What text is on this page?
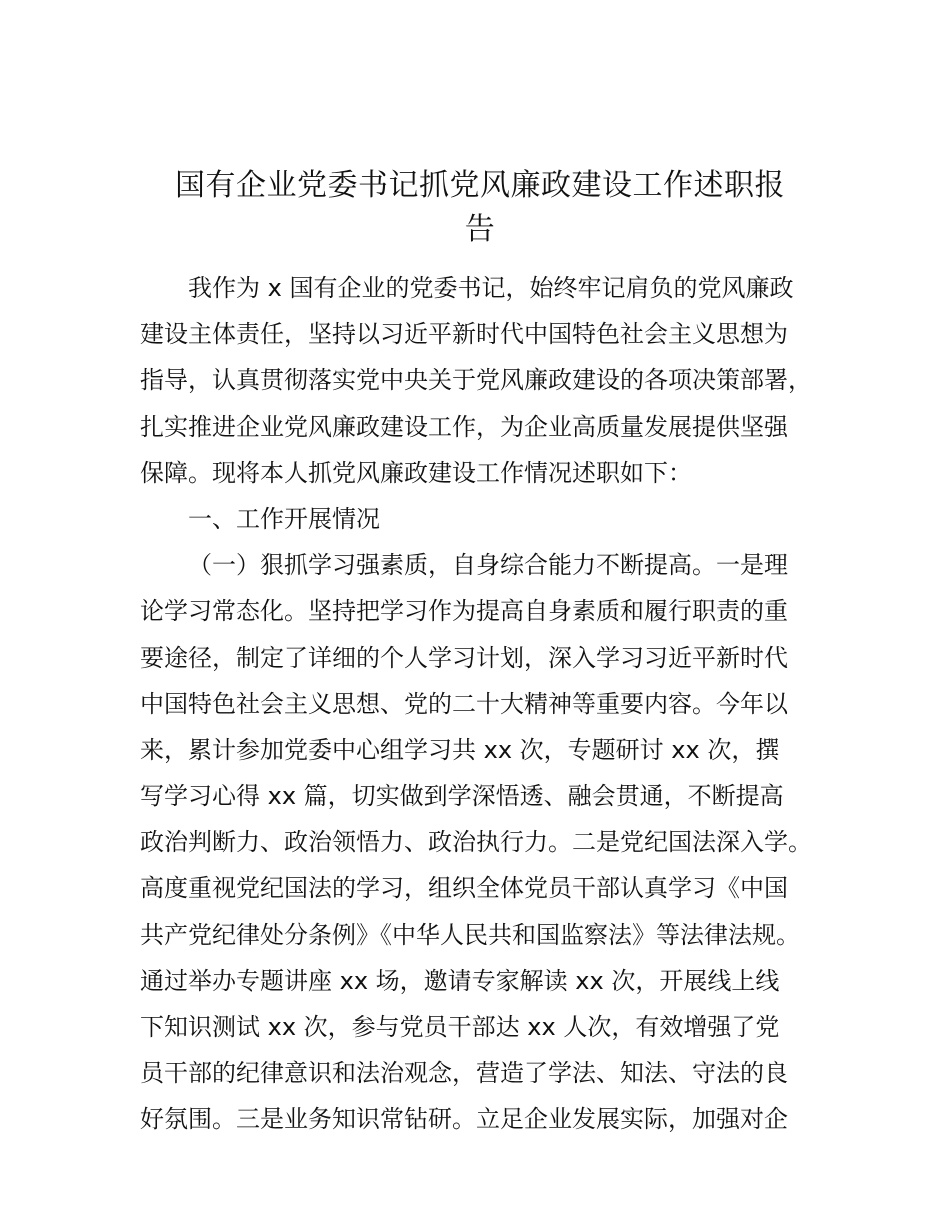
国有企业党委书记抓党风廉政建设工作述职报
告
我作为 x 国有企业的党委书记，始终牢记肩负的党风廉政
建设主体责任，坚持以习近平新时代中国特色社会主义思想为
指导，认真贯彻落实党中央关于党风廉政建设的各项决策部署，
扎实推进企业党风廉政建设工作，为企业高质量发展提供坚强
保障。现将本人抓党风廉政建设工作情况述职如下：
一、工作开展情况
（一）狠抓学习强素质，自身综合能力不断提高。一是理
论学习常态化。坚持把学习作为提高自身素质和履行职责的重
要途径，制定了详细的个人学习计划，深入学习习近平新时代
中国特色社会主义思想、党的二十大精神等重要内容。今年以
来，累计参加党委中心组学习共 xx 次，专题研讨 xx 次，撰
写学习心得 xx 篇，切实做到学深悟透、融会贯通，不断提高
政治判断力、政治领悟力、政治执行力。二是党纪国法深入学。
高度重视党纪国法的学习，组织全体党员干部认真学习《中国
共产党纪律处分条例》《中华人民共和国监察法》等法律法规。
通过举办专题讲座 xx 场，邀请专家解读 xx 次，开展线上线
下知识测试 xx 次，参与党员干部达 xx 人次，有效增强了党
员干部的纪律意识和法治观念，营造了学法、知法、守法的良
好氛围。三是业务知识常钻研。立足企业发展实际，加强对企
